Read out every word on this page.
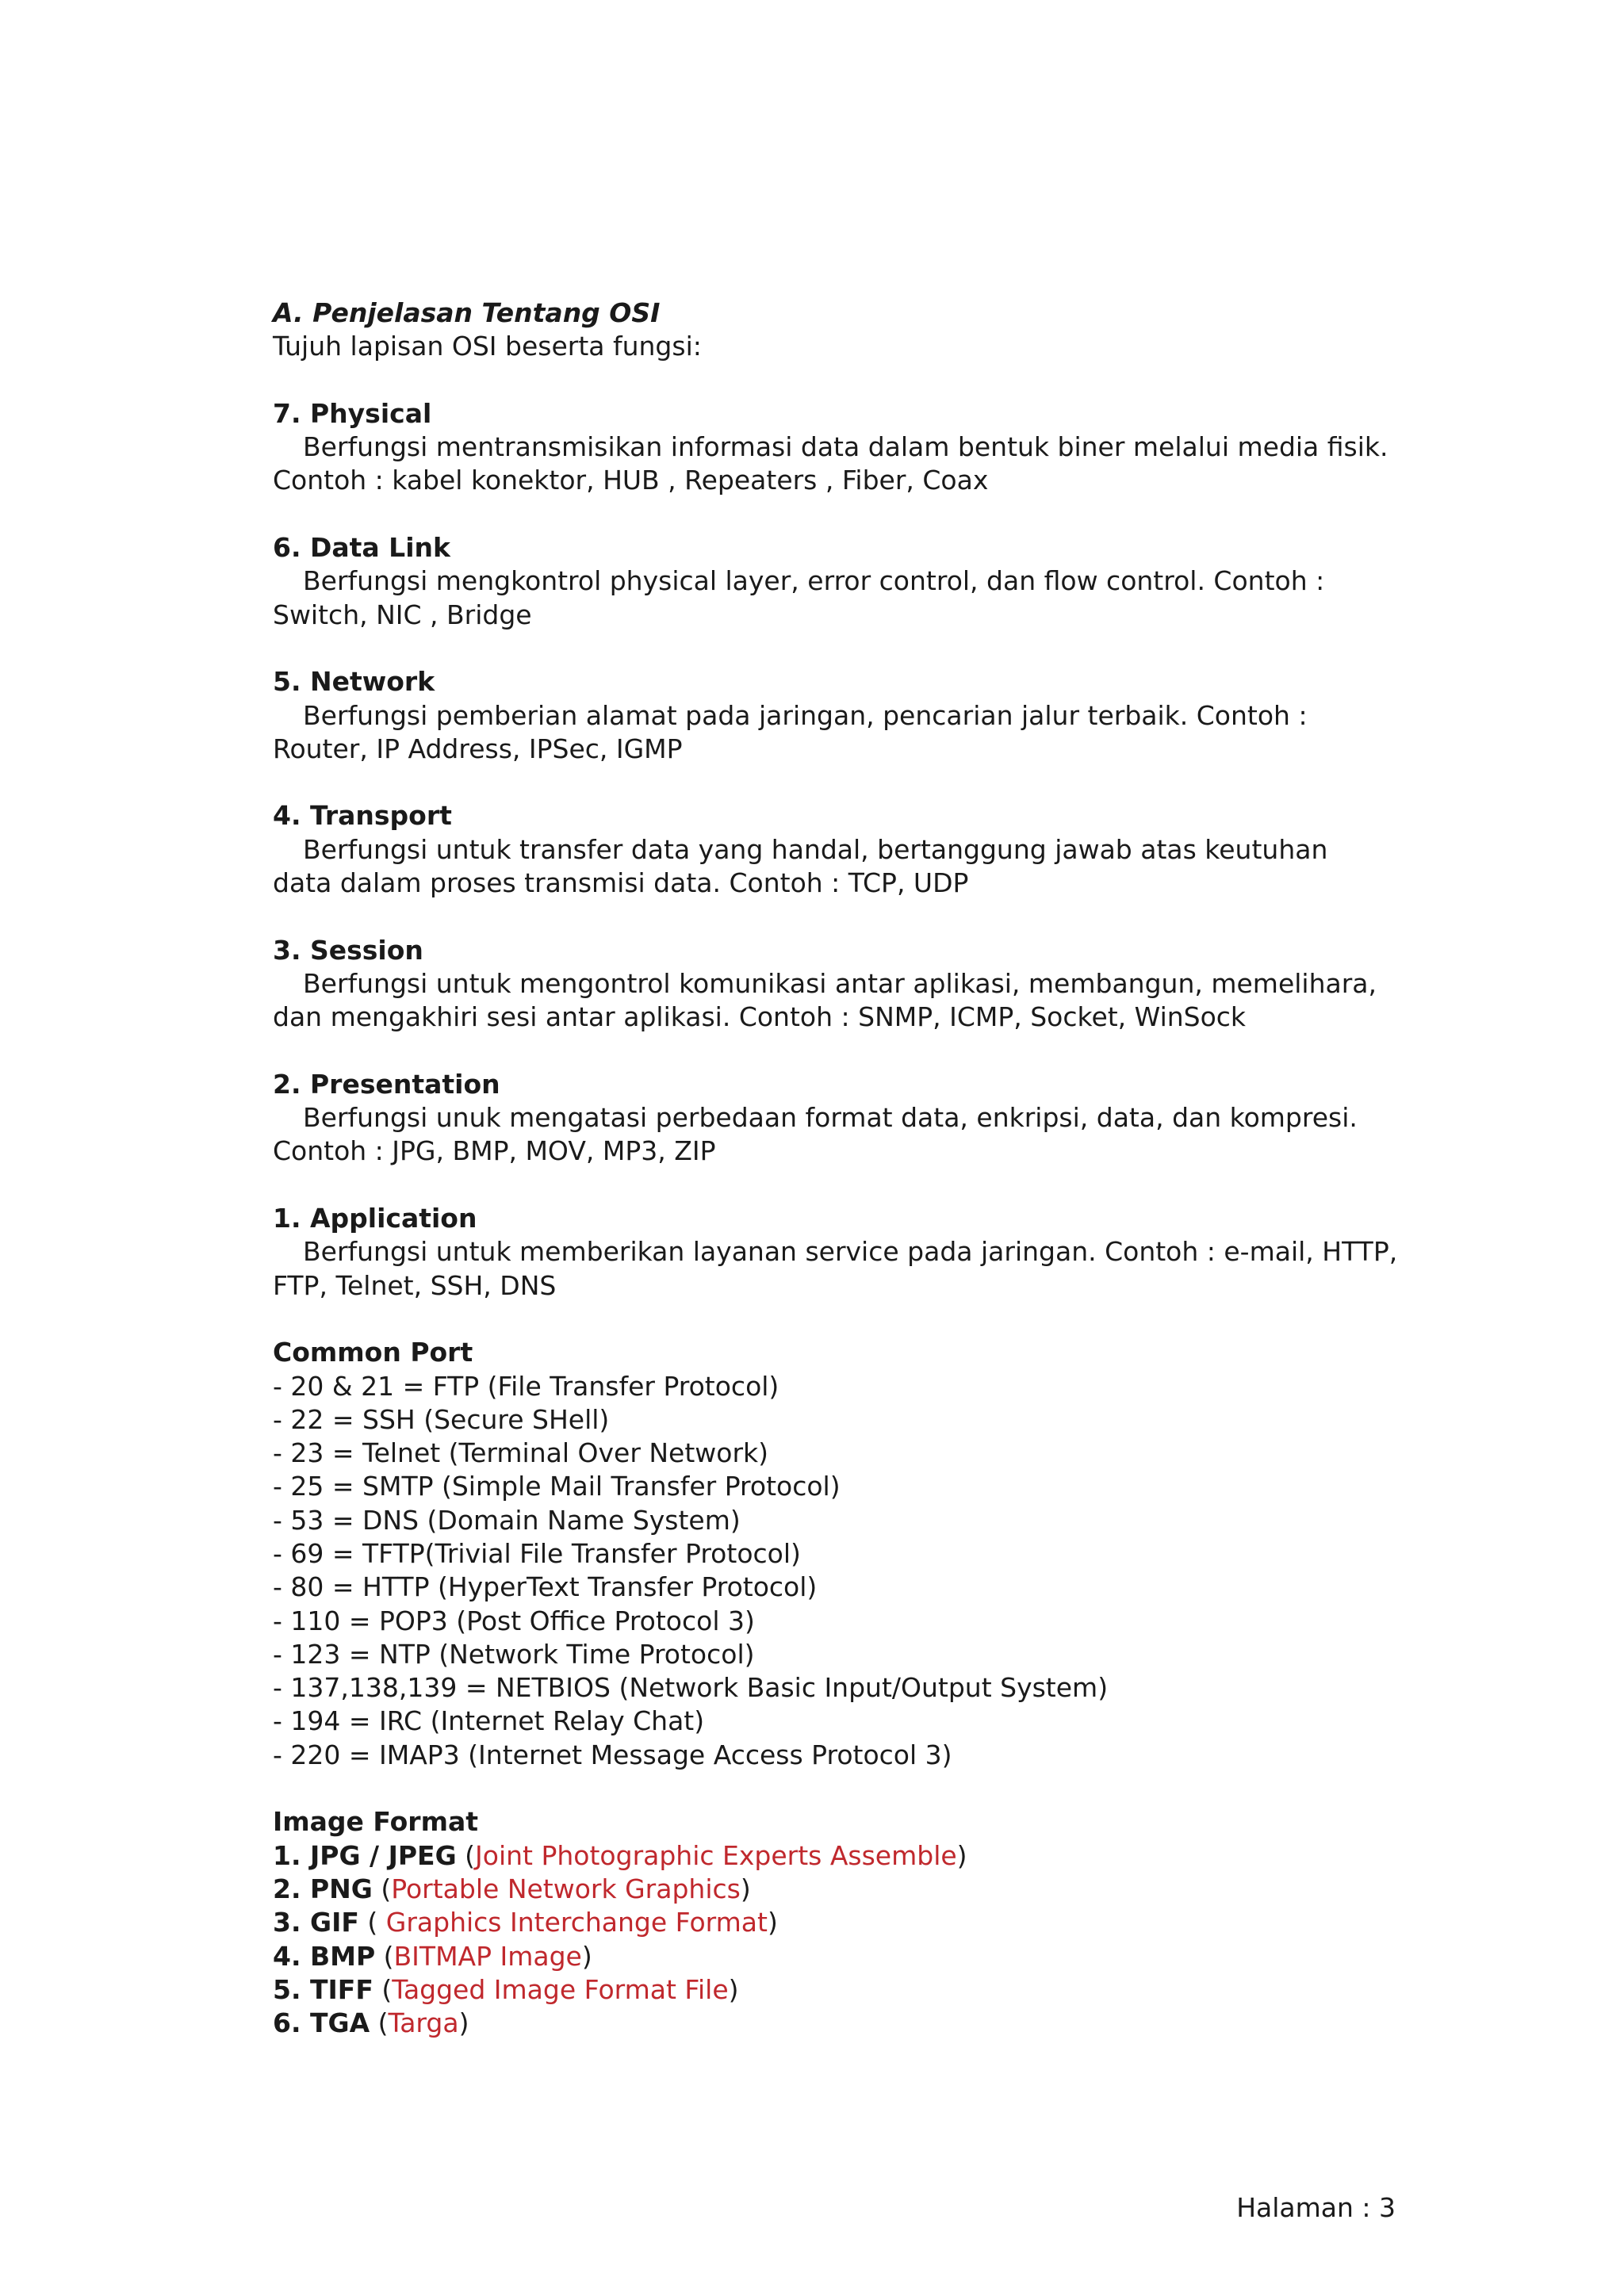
A. Penjelasan Tentang OSI
Tujuh lapisan OSI beserta fungsi:
7. Physical
Berfungsi mentransmisikan informasi data dalam bentuk biner melalui media fisik.
Contoh : kabel konektor, HUB , Repeaters , Fiber, Coax
6. Data Link
Berfungsi mengkontrol physical layer, error control, dan flow control. Contoh :
Switch, NIC , Bridge
5. Network
Berfungsi pemberian alamat pada jaringan, pencarian jalur terbaik. Contoh :
Router, IP Address, IPSec, IGMP
4. Transport
Berfungsi untuk transfer data yang handal, bertanggung jawab atas keutuhan
data dalam proses transmisi data. Contoh : TCP, UDP
3. Session
Berfungsi untuk mengontrol komunikasi antar aplikasi, membangun, memelihara,
dan mengakhiri sesi antar aplikasi. Contoh : SNMP, ICMP, Socket, WinSock
2. Presentation
Berfungsi unuk mengatasi perbedaan format data, enkripsi, data, dan kompresi.
Contoh : JPG, BMP, MOV, MP3, ZIP
1. Application
Berfungsi untuk memberikan layanan service pada jaringan. Contoh : e-mail, HTTP,
FTP, Telnet, SSH, DNS
Common Port
- 20 & 21 = FTP (File Transfer Protocol)
- 22 = SSH (Secure SHell)
- 23 = Telnet (Terminal Over Network)
- 25 = SMTP (Simple Mail Transfer Protocol)
- 53 = DNS (Domain Name System)
- 69 = TFTP(Trivial File Transfer Protocol)
- 80 = HTTP (HyperText Transfer Protocol)
- 110 = POP3 (Post Office Protocol 3)
- 123 = NTP (Network Time Protocol)
- 137,138,139 = NETBIOS (Network Basic Input/Output System)
- 194 = IRC (Internet Relay Chat)
- 220 = IMAP3 (Internet Message Access Protocol 3)
Image Format
1. JPG / JPEG (Joint Photographic Experts Assemble)
2. PNG (Portable Network Graphics)
3. GIF ( Graphics Interchange Format)
4. BMP (BITMAP Image)
5. TIFF (Tagged Image Format File)
6. TGA (Targa)
Halaman : 3
